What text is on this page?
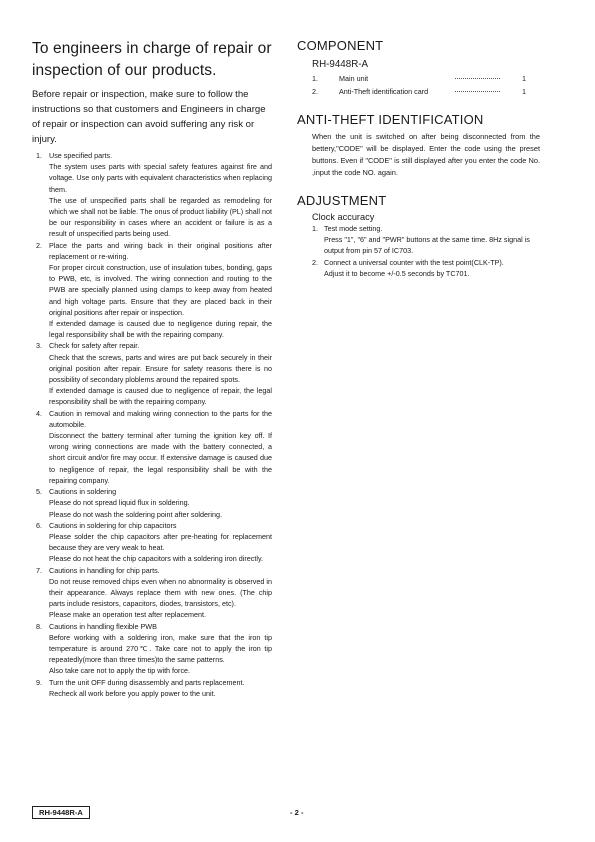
To engineers in charge of repair or
inspection of our products.

Before repair or inspection, make sure to follow the instructions so that customers and Engineers in charge of repair or inspection can avoid suffering any risk or injury.

1. Use specified parts.

The system uses parts with special safety features against fire and voltage. Use only parts with equivalent characteristics when replacing them.

The use of unspecified parts shall be regarded as remodeling for which we shall not be liable. The onus of product liability (PL) shall not be our responsibility in cases where an accident or failure is as a result of unspecified parts being used.

2. Place the parts and wiring back in their original positions after replacement or re-wiring.

For proper circuit construction, use of insulation tubes, bonding, gaps to PWB, etc, is involved. The wiring connection and routing to the PWB are specially planned using clamps to keep away from heated and high voltage parts. Ensure that they are placed back in their original positions after repair or inspection.

If extended damage is caused due to negligence during repair, the legal responsibility shall be with the repairing company.

3. Check for safety after repair.

Check that the screws, parts and wires are put back securely in their original position after repair. Ensure for safety reasons there is no possibility of secondary ploblems around the repaired spots.

If extended damage is caused due to negligence of repair, the legal responsibility shall be with the repairing company.

4. Caution in removal and making wiring connection to the parts for the automobile.

Disconnect the battery terminal after turning the ignition key off. If wrong wiring connections are made with the battery connected, a short circuit and/or fire may occur. If extensive damage is caused due to negligence of repair, the legal responsibility shall be with the repairing company.

5. Cautions in soldering

Please do not spread liquid flux in soldering.

Please do not wash the soldering point after soldering.

6. Cautions in soldering for chip capacitors

Please solder the chip capacitors after pre-heating for replacement because they are very weak to heat.

Please do not heat the chip capacitors with a soldering iron directly.

7. Cautions in handling for chip parts.

Do not reuse removed chips even when no abnormality is observed in their appearance. Always replace them with new ones. (The chip parts include resistors, capacitors, diodes, transistors, etc).

Please make an operation test after replacement.

8. Cautions in handling flexible PWB

Before working with a soldering iron, make sure that the iron tip temperature is around 270℃. Take care not to apply the iron tip repeatedly(more than three times)to the same patterns.

Also take care not to apply the tip with force.

9. Turn the unit OFF during disassembly and parts replacement.

Recheck all work before you apply power to the unit.

COMPONENT
RH-9448R-A
1.	Main unit	1
2.	Anti-Theft identification card	1
ANTI-THEFT IDENTIFICATION

When the unit is switched on after being disconnected from the bettery,"CODE" will be displayed. Enter the code using the preset buttons. Even if "CODE" is still displayed after you enter the code No. ,input the code NO. again.

ADJUSTMENT
Clock accuracy
1. Test mode setting.

Press "1", "6" and "PWR" buttons at the same time. 8Hz signal is output from pin 57 of IC703.

2. Connect a universal counter with the test point(CLK-TP).

Adjust it to become +/-0.5 seconds by TC701.

RH-9448R-A	- 2 -
